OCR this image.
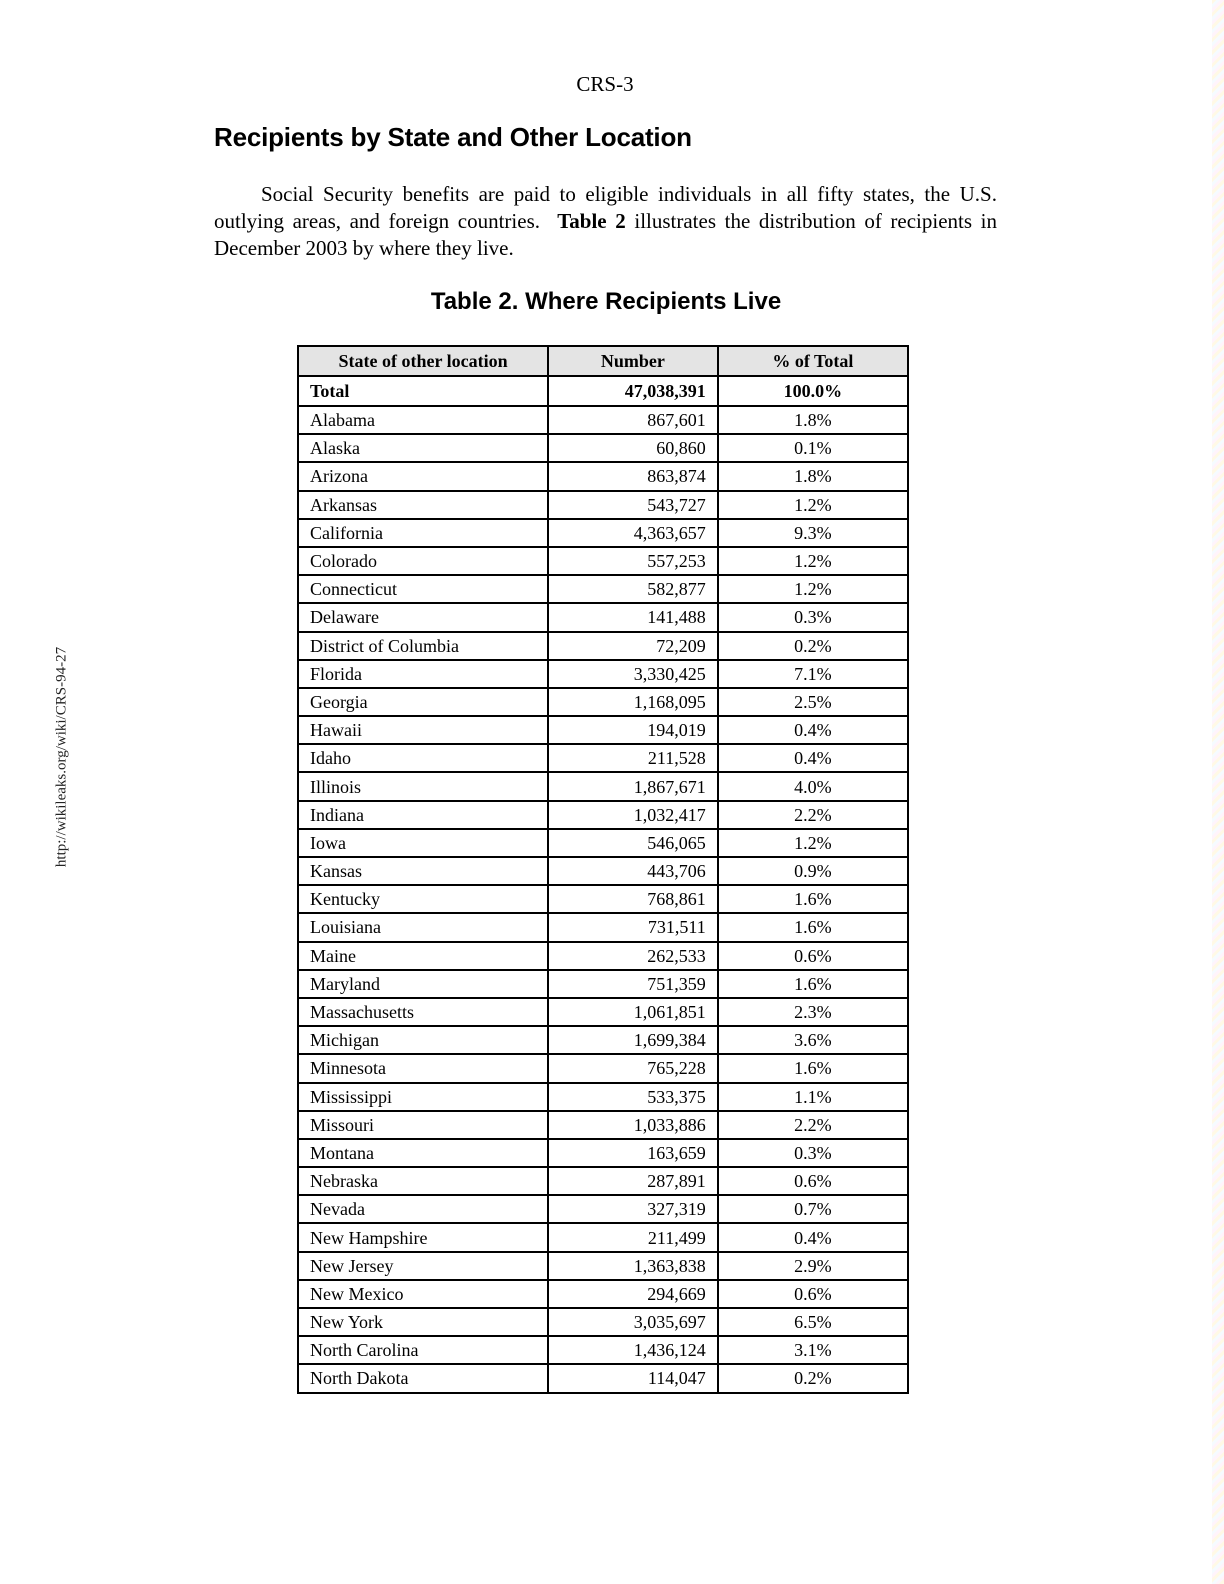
http://wikileaks.org/wiki/CRS-94-27
CRS-3
Recipients by State and Other Location
Social Security benefits are paid to eligible individuals in all fifty states, the U.S. outlying areas, and foreign countries. Table 2 illustrates the distribution of recipients in December 2003 by where they live.
Table 2. Where Recipients Live
State of other location	Number	% of Total
Total	47,038,391	100.0%
Alabama	867,601	1.8%
Alaska	60,860	0.1%
Arizona	863,874	1.8%
Arkansas	543,727	1.2%
California	4,363,657	9.3%
Colorado	557,253	1.2%
Connecticut	582,877	1.2%
Delaware	141,488	0.3%
District of Columbia	72,209	0.2%
Florida	3,330,425	7.1%
Georgia	1,168,095	2.5%
Hawaii	194,019	0.4%
Idaho	211,528	0.4%
Illinois	1,867,671	4.0%
Indiana	1,032,417	2.2%
Iowa	546,065	1.2%
Kansas	443,706	0.9%
Kentucky	768,861	1.6%
Louisiana	731,511	1.6%
Maine	262,533	0.6%
Maryland	751,359	1.6%
Massachusetts	1,061,851	2.3%
Michigan	1,699,384	3.6%
Minnesota	765,228	1.6%
Mississippi	533,375	1.1%
Missouri	1,033,886	2.2%
Montana	163,659	0.3%
Nebraska	287,891	0.6%
Nevada	327,319	0.7%
New Hampshire	211,499	0.4%
New Jersey	1,363,838	2.9%
New Mexico	294,669	0.6%
New York	3,035,697	6.5%
North Carolina	1,436,124	3.1%
North Dakota	114,047	0.2%
